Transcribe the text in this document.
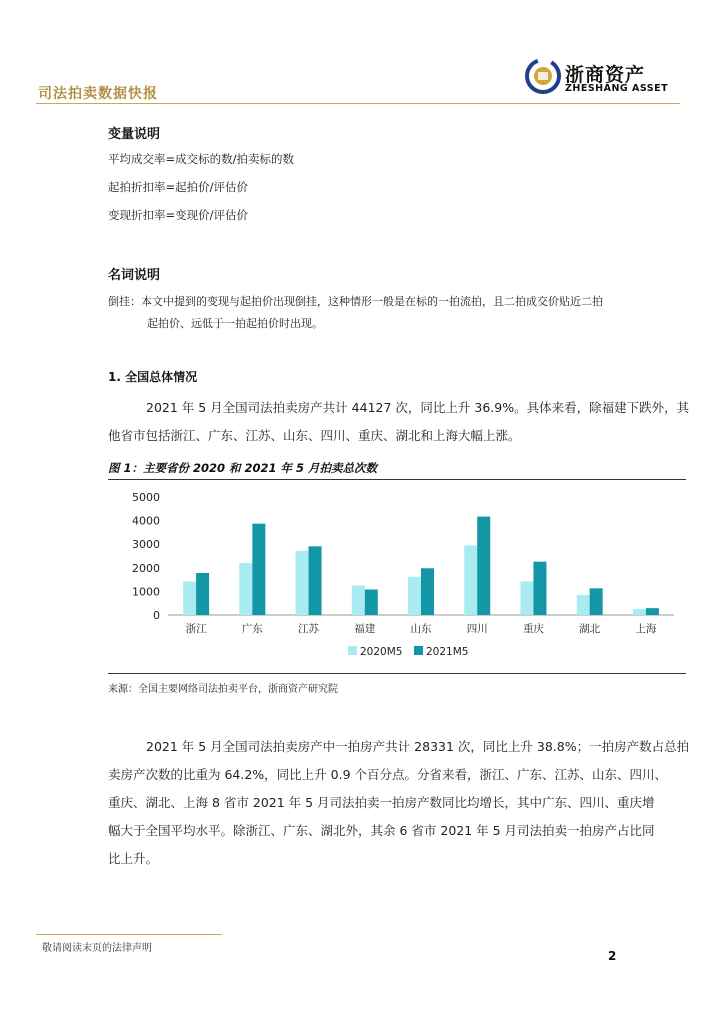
司法拍卖数据快报
浙商资产
ZHESHANG ASSET
变量说明
平均成交率=成交标的数/拍卖标的数
起拍折扣率=起拍价/评估价
变现折扣率=变现价/评估价
名词说明
倒挂：本文中提到的变现与起拍价出现倒挂，这种情形一般是在标的一拍流拍，且二拍成交价贴近二拍
起拍价、远低于一拍起拍价时出现。
1. 全国总体情况
2021 年 5 月全国司法拍卖房产共计 44127 次，同比上升 36.9%。具体来看，除福建下跌外，其
他省市包括浙江、广东、江苏、山东、四川、重庆、湖北和上海大幅上涨。
图 1：主要省份 2020 和 2021 年 5 月拍卖总次数
0
1000
2000
3000
4000
5000
浙江	广东	江苏	福建	山东	四川	重庆	湖北	上海
2020M5 2021M5
来源：全国主要网络司法拍卖平台，浙商资产研究院
2021 年 5 月全国司法拍卖房产中一拍房产共计 28331 次，同比上升 38.8%；一拍房产数占总拍
卖房产次数的比重为 64.2%，同比上升 0.9 个百分点。分省来看，浙江、广东、江苏、山东、四川、
重庆、湖北、上海 8 省市 2021 年 5 月司法拍卖一拍房产数同比均增长，其中广东、四川、重庆增
幅大于全国平均水平。除浙江、广东、湖北外，其余 6 省市 2021 年 5 月司法拍卖一拍房产占比同
比上升。
敬请阅读末页的法律声明
2
